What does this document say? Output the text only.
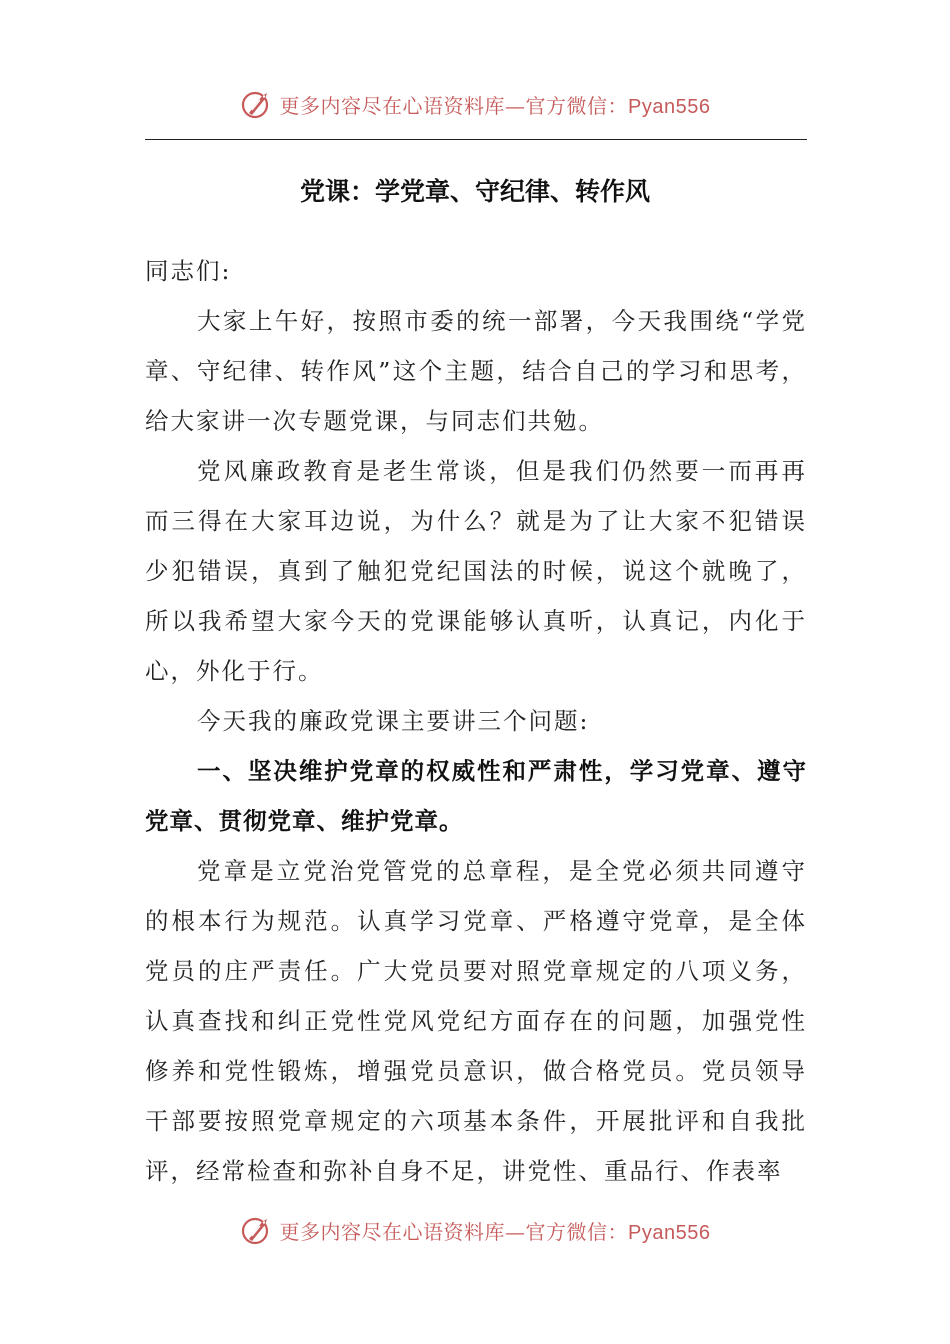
更多内容尽在心语资料库—官方微信：Pyan556
党课：学党章、守纪律、转作风

同志们:

大家上午好，按照市委的统一部署，今天我围绕“学党章、守纪律、转作风”这个主题，结合自己的学习和思考，给大家讲一次专题党课，与同志们共勉。

党风廉政教育是老生常谈，但是我们仍然要一而再再而三得在大家耳边说，为什么？就是为了让大家不犯错误少犯错误，真到了触犯党纪国法的时候，说这个就晚了，所以我希望大家今天的党课能够认真听，认真记，内化于心，外化于行。

今天我的廉政党课主要讲三个问题:

一、坚决维护党章的权威性和严肃性，学习党章、遵守党章、贯彻党章、维护党章。

党章是立党治党管党的总章程，是全党必须共同遵守的根本行为规范。认真学习党章、严格遵守党章，是全体党员的庄严责任。广大党员要对照党章规定的八项义务，认真查找和纠正党性党风党纪方面存在的问题，加强党性修养和党性锻炼，增强党员意识，做合格党员。党员领导干部要按照党章规定的六项基本条件，开展批评和自我批评，经常检查和弥补自身不足，讲党性、重品行、作表率

更多内容尽在心语资料库—官方微信：Pyan556
